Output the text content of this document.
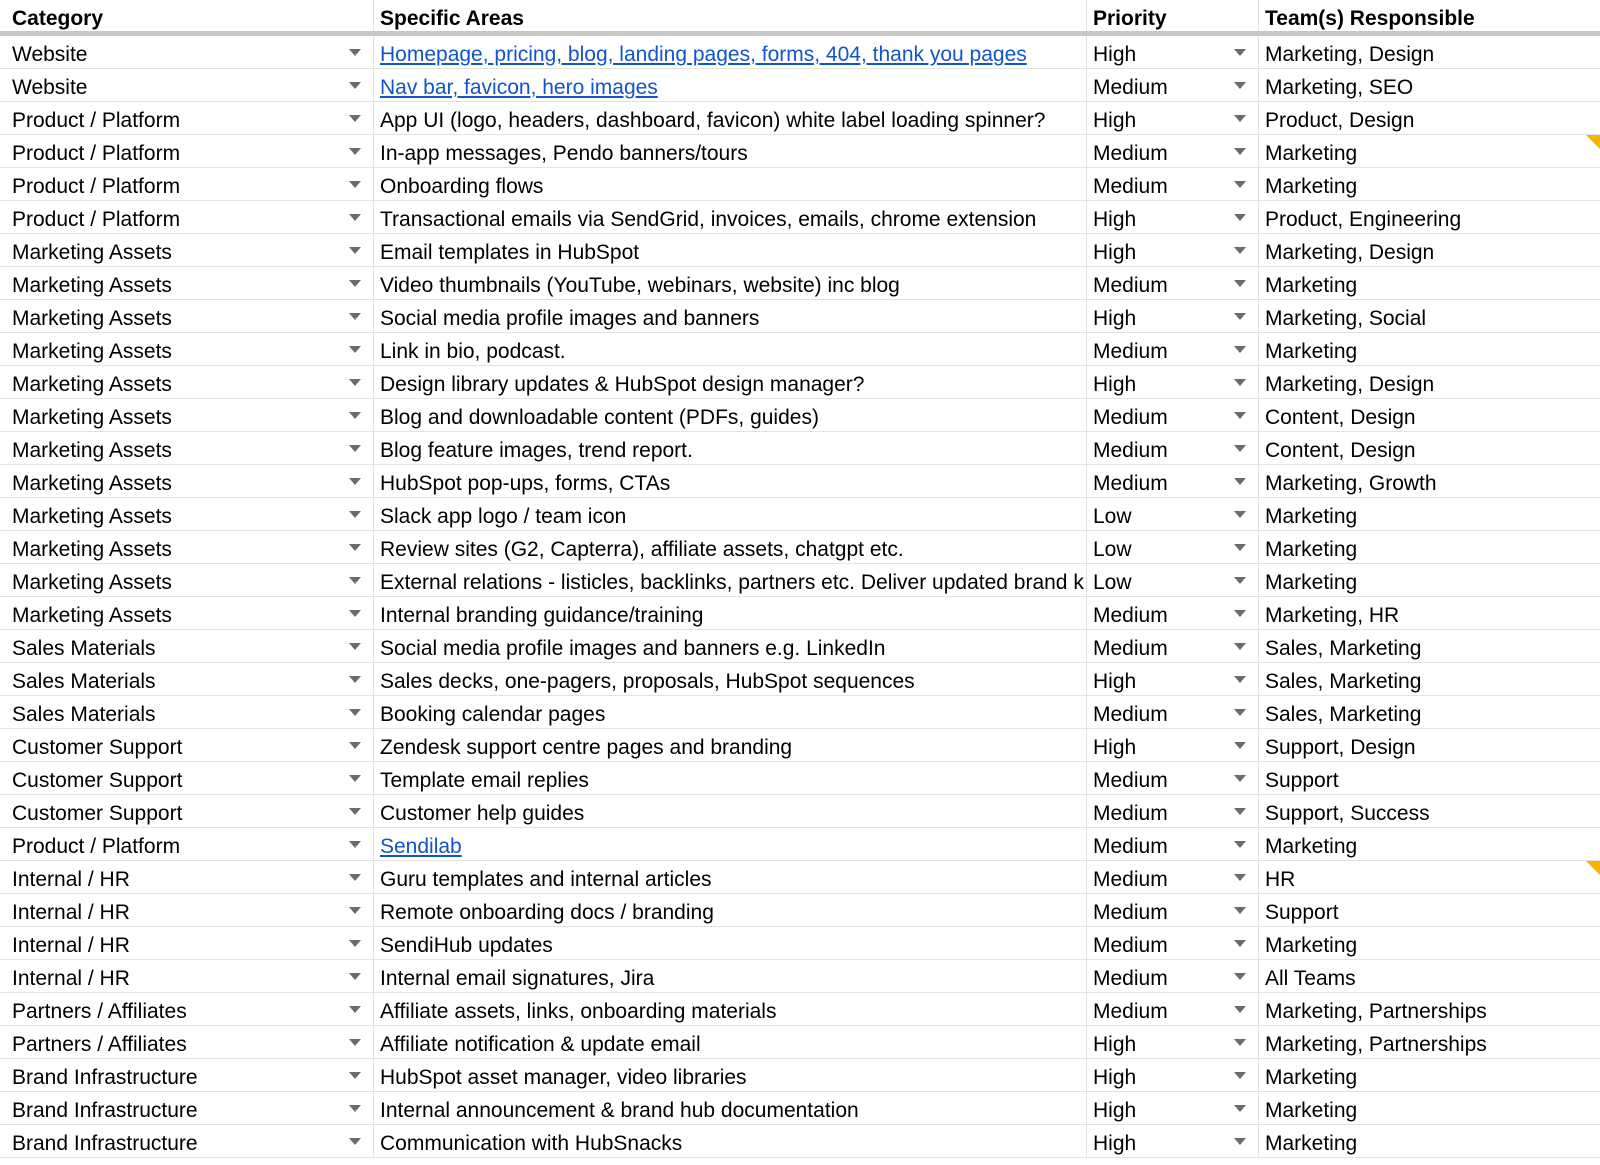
Category	Specific Areas	Priority	Team(s) Responsible
Website	Homepage, pricing, blog, landing pages, forms, 404, thank you pages	High	Marketing, Design
Website	Nav bar, favicon, hero images	Medium	Marketing, SEO
Product / Platform	App UI (logo, headers, dashboard, favicon) white label loading spinner?	High	Product, Design
Product / Platform	In-app messages, Pendo banners/tours	Medium	Marketing
Product / Platform	Onboarding flows	Medium	Marketing
Product / Platform	Transactional emails via SendGrid, invoices, emails, chrome extension	High	Product, Engineering
Marketing Assets	Email templates in HubSpot	High	Marketing, Design
Marketing Assets	Video thumbnails (YouTube, webinars, website) inc blog	Medium	Marketing
Marketing Assets	Social media profile images and banners	High	Marketing, Social
Marketing Assets	Link in bio, podcast.	Medium	Marketing
Marketing Assets	Design library updates & HubSpot design manager?	High	Marketing, Design
Marketing Assets	Blog and downloadable content (PDFs, guides)	Medium	Content, Design
Marketing Assets	Blog feature images, trend report.	Medium	Content, Design
Marketing Assets	HubSpot pop-ups, forms, CTAs	Medium	Marketing, Growth
Marketing Assets	Slack app logo / team icon	Low	Marketing
Marketing Assets	Review sites (G2, Capterra), affiliate assets, chatgpt etc.	Low	Marketing
Marketing Assets	External relations - listicles, backlinks, partners etc. Deliver updated brand k Low	Marketing
Marketing Assets	Internal branding guidance/training	Medium	Marketing, HR
Sales Materials	Social media profile images and banners e.g. LinkedIn	Medium	Sales, Marketing
Sales Materials	Sales decks, one-pagers, proposals, HubSpot sequences	High	Sales, Marketing
Sales Materials	Booking calendar pages	Medium	Sales, Marketing
Customer Support	Zendesk support centre pages and branding	High	Support, Design
Customer Support	Template email replies	Medium	Support
Customer Support	Customer help guides	Medium	Support, Success
Product / Platform	Sendilab	Medium	Marketing
Internal / HR	Guru templates and internal articles	Medium	HR
Internal / HR	Remote onboarding docs / branding	Medium	Support
Internal / HR	SendiHub updates	Medium	Marketing
Internal / HR	Internal email signatures, Jira	Medium	All Teams
Partners / Affiliates	Affiliate assets, links, onboarding materials	Medium	Marketing, Partnerships
Partners / Affiliates	Affiliate notification & update email	High	Marketing, Partnerships
Brand Infrastructure	HubSpot asset manager, video libraries	High	Marketing
Brand Infrastructure	Internal announcement & brand hub documentation	High	Marketing
Brand Infrastructure	Communication with HubSnacks	High	Marketing
